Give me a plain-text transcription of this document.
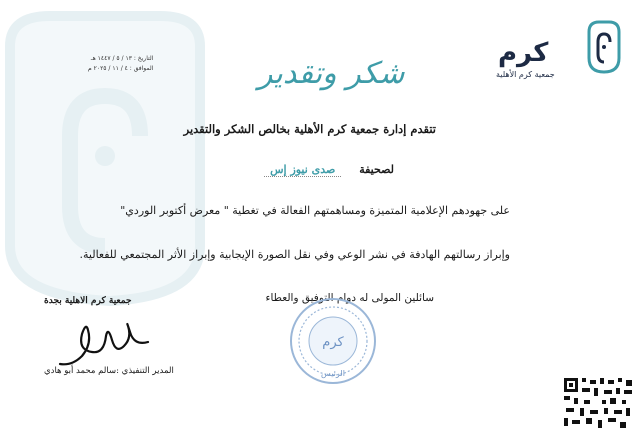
كرم
جمعية كرم الأهلية
التاريخ : ١٣ / ٥ / ١٤٤٧ هـ
الموافق : ٤ / ١١ / ٢٠٢٥ م	شكر وتقدير
تتقدم إدارة جمعية كرم الأهلية بخالص الشكر والتقدير
لصحيفة صدى نيوز إس
على جهودهم الإعلامية المتميزة ومساهمتهم الفعالة في تغطية " معرض أكتوبر الوردي"
وإبراز رسالتهم الهادفة في نشر الوعي وفي نقل الصورة الإيجابية وإبراز الأثر المجتمعي للفعالية.
سائلين المولى له دوام التوفيق والعطاء
جمعية كرم الاهلية بجدة
المدير التنفيذي :سالم محمد أبو هادي
كرم
الرئيس
